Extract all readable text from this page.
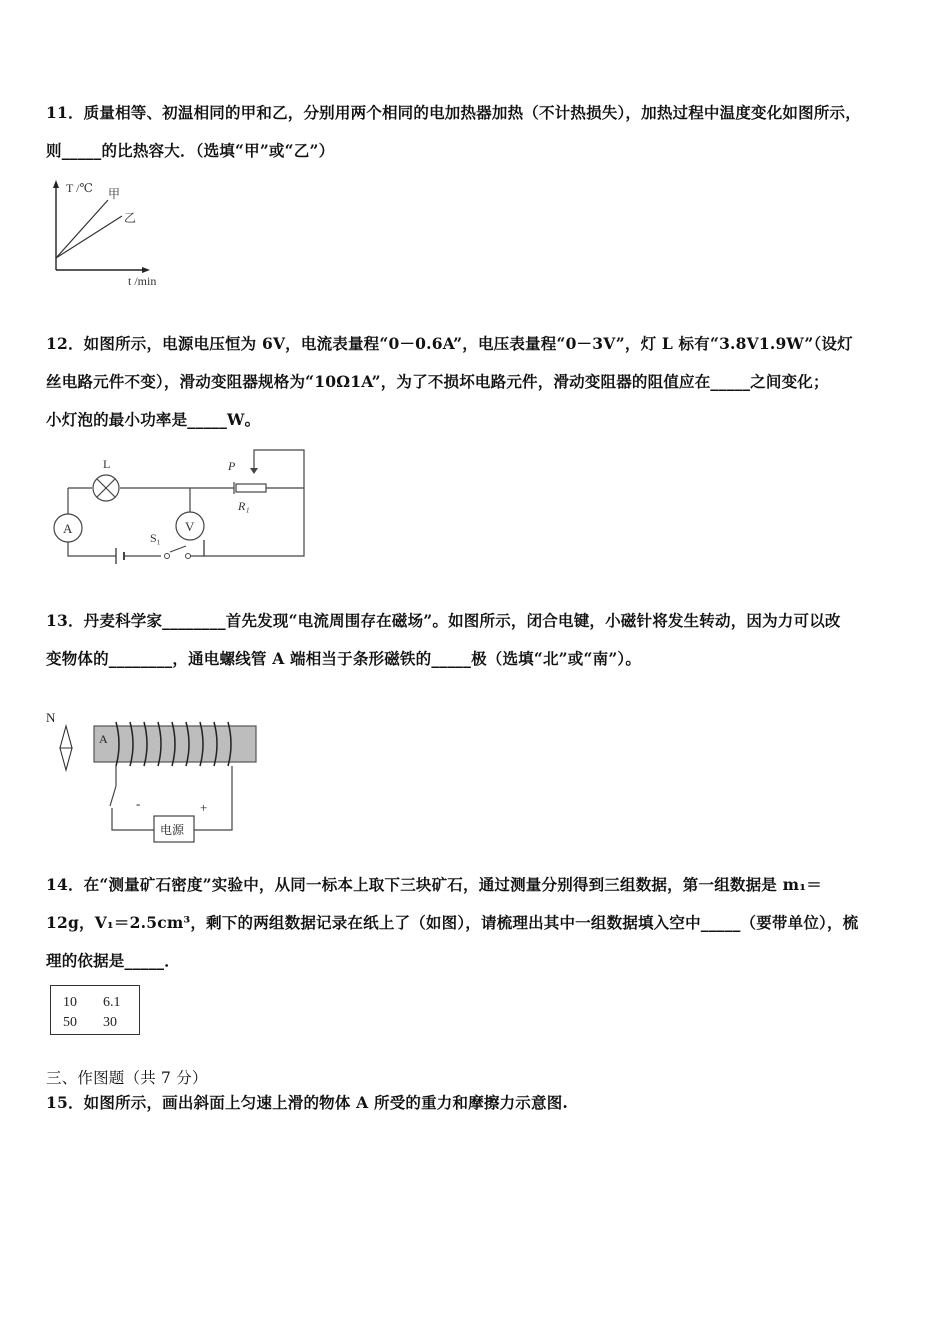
11．质量相等、初温相同的甲和乙，分别用两个相同的电加热器加热（不计热损失），加热过程中温度变化如图所示，
则_____的比热容大．（选填“甲”或“乙”）
T /℃ 甲
乙
t /min
12．如图所示，电源电压恒为 6V，电流表量程“0－0.6A”，电压表量程“0－3V”，灯 L 标有“3.8V1.9W”（设灯
丝电路元件不变），滑动变阻器规格为“10Ω1A”，为了不损坏电路元件，滑动变阻器的阻值应在_____之间变化；
小灯泡的最小功率是_____W。
A	V
L	P
R₁
S₁
13．丹麦科学家________首先发现“电流周围存在磁场”。如图所示，闭合电键，小磁针将发生转动，因为力可以改
变物体的________，通电螺线管 A 端相当于条形磁铁的_____极（选填“北”或“南”）。
N
A
电源
-	+
14．在“测量矿石密度”实验中，从同一标本上取下三块矿石，通过测量分别得到三组数据，第一组数据是 m₁＝
12g，V₁＝2.5cm³，剩下的两组数据记录在纸上了（如图），请梳理出其中一组数据填入空中_____（要带单位），梳
理的依据是_____．
10 6.1
50 30
三、作图题（共 7 分）
15．如图所示，画出斜面上匀速上滑的物体 A 所受的重力和摩擦力示意图.
